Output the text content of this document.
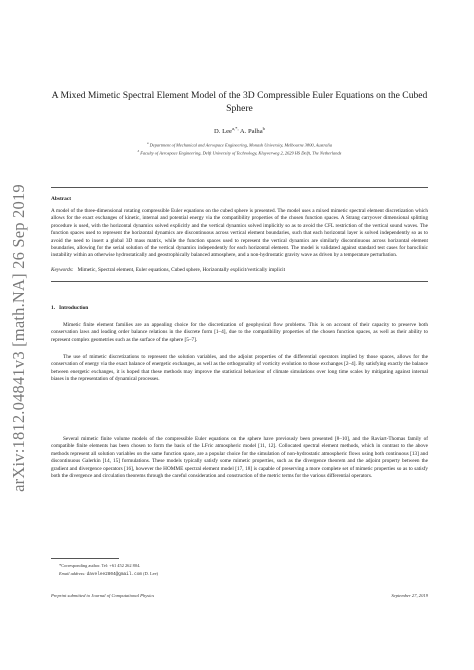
arXiv:1812.04841v3 [math.NA] 26 Sep 2019
A Mixed Mimetic Spectral Element Model of the 3D Compressible Euler Equations on the Cubed Sphere
D. Lee$^{a,*,}$ A. Palha$^b$
$^a$ Department of Mechanical and Aerospace Engineering, Monash University, Melbourne 3800, Australia
$^b$ Faculty of Aerospace Engineering, Delft University of Technology, Kluyverweg 2, 2629 HS Delft, The Netherlands
Abstract
A model of the three-dimensional rotating compressible Euler equations on the cubed sphere is presented. The model uses a mixed mimetic spectral element discretization which allows for the exact exchanges of kinetic, internal and potential energy via the compatibility properties of the chosen function spaces. A Strang carryover dimensional splitting procedure is used, with the horizontal dynamics solved explicitly and the vertical dynamics solved implicitly so as to avoid the CFL restriction of the vertical sound waves. The function spaces used to represent the horizontal dynamics are discontinuous across vertical element boundaries, such that each horizontal layer is solved independently so as to avoid the need to insert a global 3D mass matrix, while the function spaces used to represent the vertical dynamics are similarly discontinuous across horizontal element boundaries, allowing for the serial solution of the vertical dynamics independently for each horizontal element. The model is validated against standard test cases for baroclinic instability within an otherwise hydrostatically and geostrophically balanced atmosphere, and a non-hydrostatic gravity wave as driven by a temperature perturbation.
Keywords: Mimetic, Spectral element, Euler equations, Cubed sphere, Horizontally explicit/vertically implicit
1. Introduction

Mimetic finite element families are an appealing choice for the discretization of geophysical flow problems. This is on account of their capacity to preserve both conservation laws and leading order balance relations in the discrete form [1–4], due to the compatibility properties of the chosen function spaces, as well as their ability to represent complex geometries such as the surface of the sphere [5–7].

The use of mimetic discretizations to represent the solution variables, and the adjoint properties of the differential operators implied by those spaces, allows for the conservation of energy via the exact balance of energetic exchanges, as well as the orthogonality of vorticity evolution to those exchanges [2–4]. By satisfying exactly the balance between energetic exchanges, it is hoped that these methods may improve the statistical behaviour of climate simulations over long time scales by mitigating against internal biases in the representation of dynamical processes.

Several mimetic finite volume models of the compressible Euler equations on the sphere have previously been presented [8–10], and the Raviart-Thomas family of compatible finite elements has been chosen to form the basis of the LFric atmospheric model [11, 12]. Collocated spectral element methods, which in contrast to the above methods represent all solution variables on the same function space, are a popular choice for the simulation of non-hydrostatic atmospheric flows using both continuous [13] and discontinuous Galerkin [14, 15] formulations. These models typically satisfy some mimetic properties, such as the divergence theorem and the adjoint property between the gradient and divergence operators [16], however the HOMME spectral element model [17, 18] is capable of preserving a more complete set of mimetic properties so as to satisfy both the divergence and circulation theorems through the careful consideration and construction of the metric terms for the various differential operators.

*Corresponding author. Tel: +61 452 262 804.
Email address: davelee2804@gmail.com (D. Lee)
Preprint submitted to Journal of Computational Physics	September 27, 2019
